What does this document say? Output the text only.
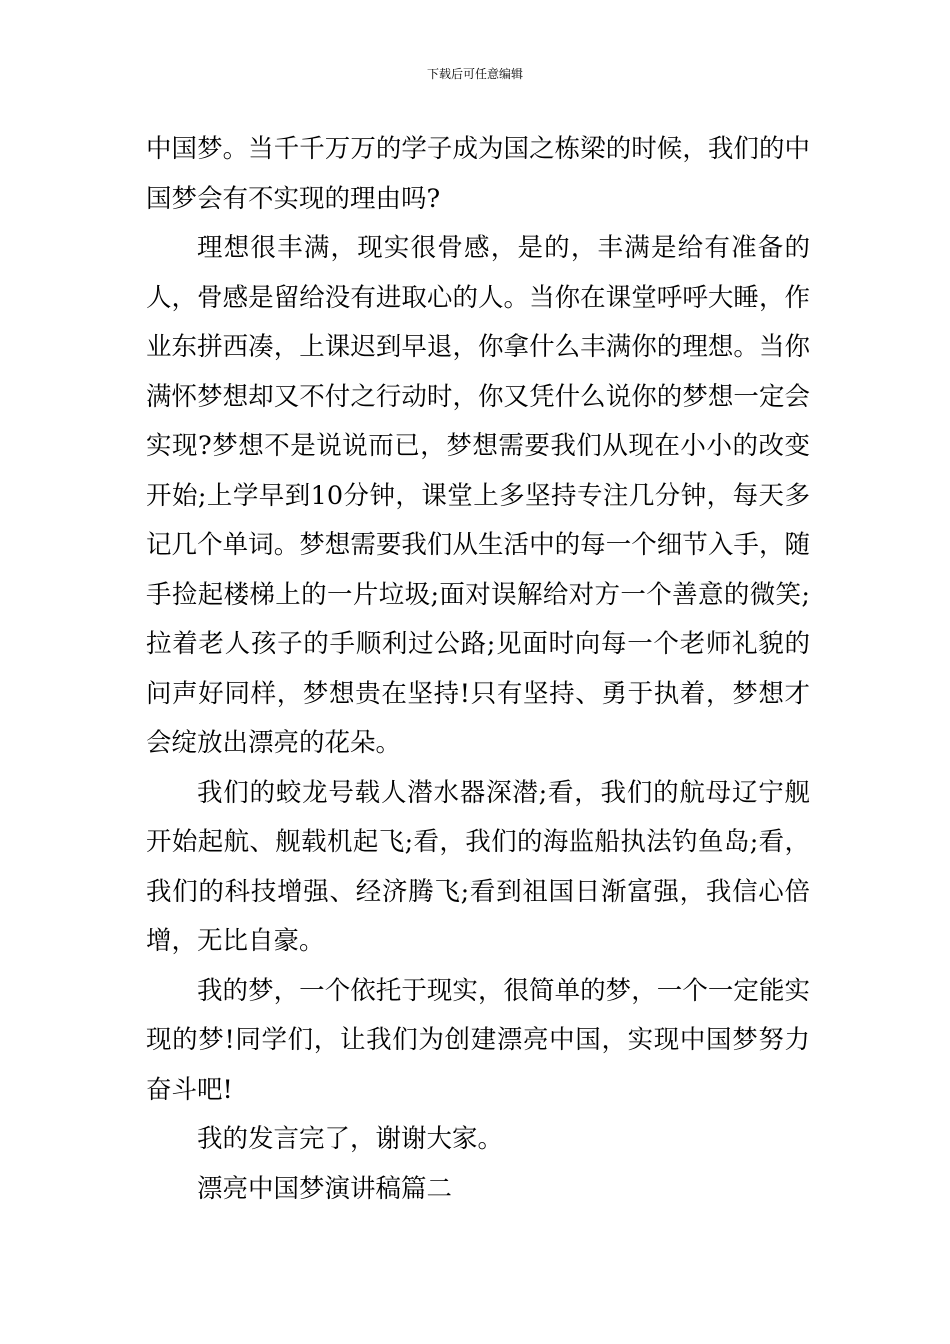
下载后可任意编辑

中国梦。当千千万万的学子成为国之栋梁的时候，我们的中国梦会有不实现的理由吗?

理想很丰满，现实很骨感，是的，丰满是给有准备的人，骨感是留给没有进取心的人。当你在课堂呼呼大睡，作业东拼西凑，上课迟到早退，你拿什么丰满你的理想。当你满怀梦想却又不付之行动时，你又凭什么说你的梦想一定会实现?梦想不是说说而已，梦想需要我们从现在小小的改变开始;上学早到10分钟，课堂上多坚持专注几分钟，每天多记几个单词。梦想需要我们从生活中的每一个细节入手，随手捡起楼梯上的一片垃圾;面对误解给对方一个善意的微笑;拉着老人孩子的手顺利过公路;见面时向每一个老师礼貌的问声好同样，梦想贵在坚持!只有坚持、勇于执着，梦想才会绽放出漂亮的花朵。

我们的蛟龙号载人潜水器深潜;看，我们的航母辽宁舰开始起航、舰载机起飞;看，我们的海监船执法钓鱼岛;看，我们的科技增强、经济腾飞;看到祖国日渐富强，我信心倍增，无比自豪。

我的梦，一个依托于现实，很简单的梦，一个一定能实现的梦!同学们，让我们为创建漂亮中国，实现中国梦努力奋斗吧!

我的发言完了，谢谢大家。

漂亮中国梦演讲稿篇二
